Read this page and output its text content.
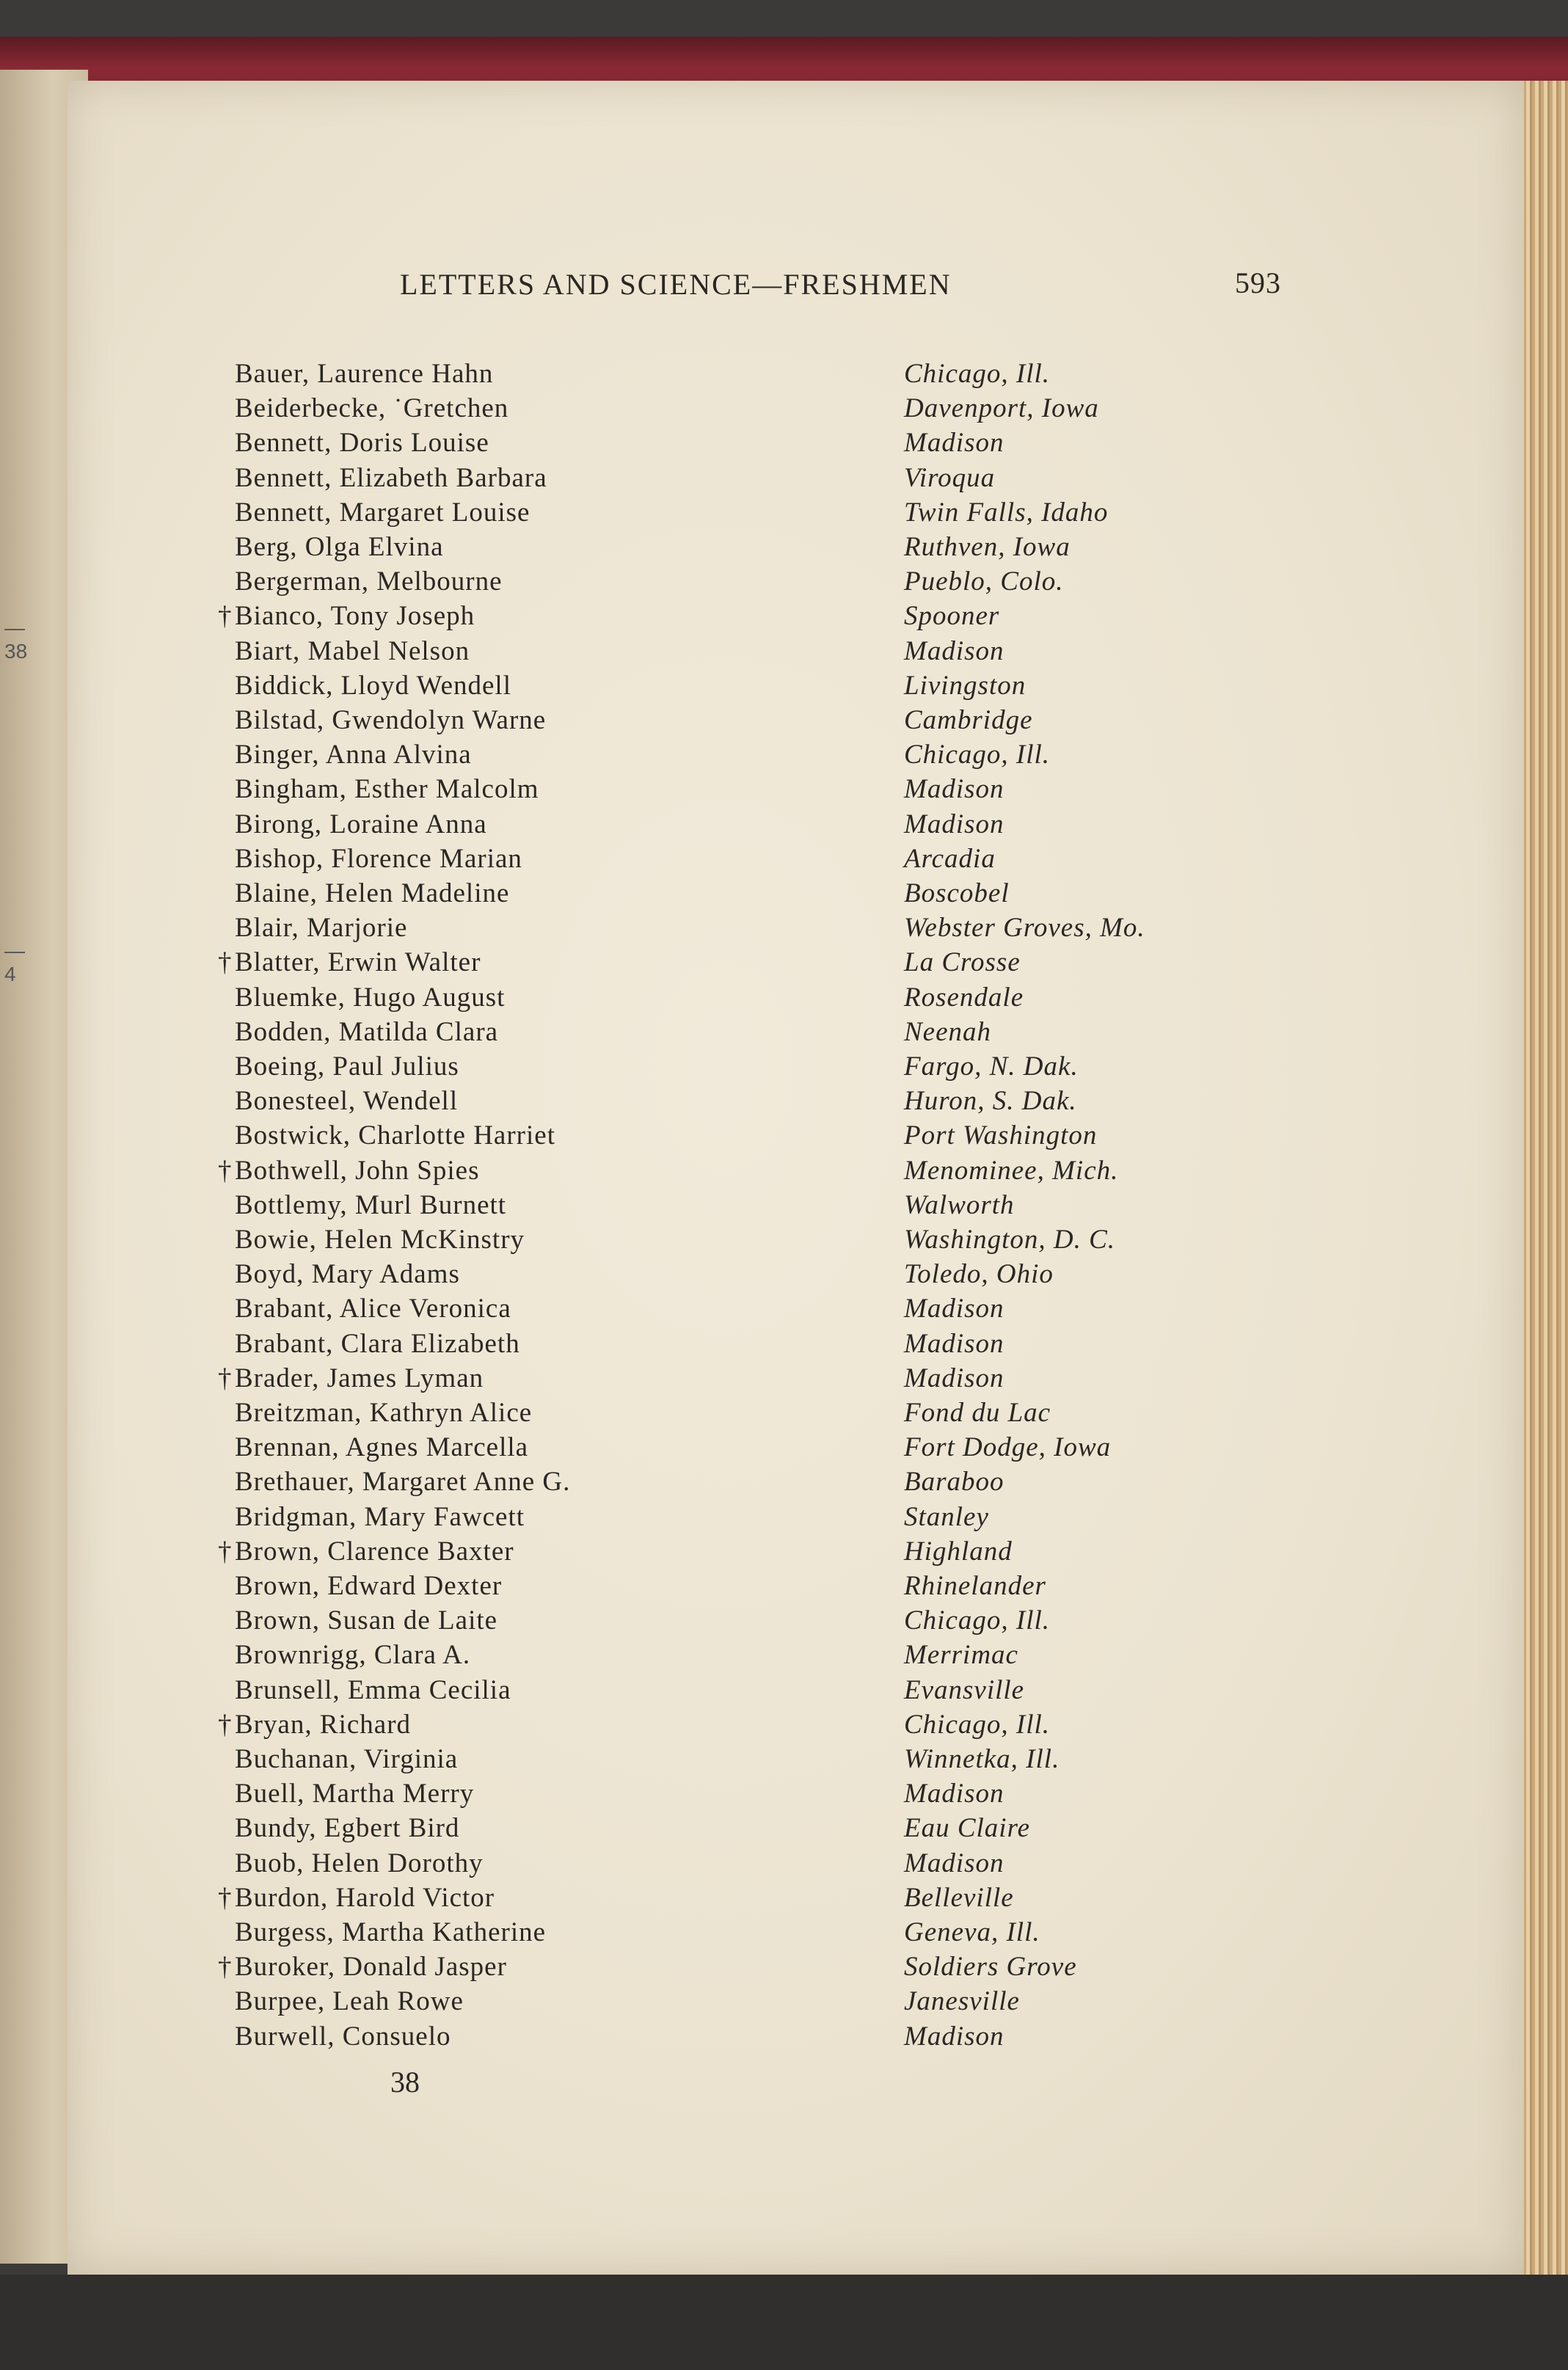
—38
—4
LETTERS AND SCIENCE—FRESHMEN	593
Bauer, Laurence Hahn	Chicago, Ill.
Beiderbecke, ˙Gretchen	Davenport, Iowa
Bennett, Doris Louise	Madison
Bennett, Elizabeth Barbara	Viroqua
Bennett, Margaret Louise	Twin Falls, Idaho
Berg, Olga Elvina	Ruthven, Iowa
Bergerman, Melbourne	Pueblo, Colo.
† Bianco, Tony Joseph	Spooner
Biart, Mabel Nelson	Madison
Biddick, Lloyd Wendell	Livingston
Bilstad, Gwendolyn Warne	Cambridge
Binger, Anna Alvina	Chicago, Ill.
Bingham, Esther Malcolm	Madison
Birong, Loraine Anna	Madison
Bishop, Florence Marian	Arcadia
Blaine, Helen Madeline	Boscobel
Blair, Marjorie	Webster Groves, Mo.
† Blatter, Erwin Walter	La Crosse
Bluemke, Hugo August	Rosendale
Bodden, Matilda Clara	Neenah
Boeing, Paul Julius	Fargo, N. Dak.
Bonesteel, Wendell	Huron, S. Dak.
Bostwick, Charlotte Harriet	Port Washington
† Bothwell, John Spies	Menominee, Mich.
Bottlemy, Murl Burnett	Walworth
Bowie, Helen McKinstry	Washington, D. C.
Boyd, Mary Adams	Toledo, Ohio
Brabant, Alice Veronica	Madison
Brabant, Clara Elizabeth	Madison
† Brader, James Lyman	Madison
Breitzman, Kathryn Alice	Fond du Lac
Brennan, Agnes Marcella	Fort Dodge, Iowa
Brethauer, Margaret Anne G.	Baraboo
Bridgman, Mary Fawcett	Stanley
† Brown, Clarence Baxter	Highland
Brown, Edward Dexter	Rhinelander
Brown, Susan de Laite	Chicago, Ill.
Brownrigg, Clara A.	Merrimac
Brunsell, Emma Cecilia	Evansville
† Bryan, Richard	Chicago, Ill.
Buchanan, Virginia	Winnetka, Ill.
Buell, Martha Merry	Madison
Bundy, Egbert Bird	Eau Claire
Buob, Helen Dorothy	Madison
† Burdon, Harold Victor	Belleville
Burgess, Martha Katherine	Geneva, Ill.
† Buroker, Donald Jasper	Soldiers Grove
Burpee, Leah Rowe	Janesville
Burwell, Consuelo	Madison
38
